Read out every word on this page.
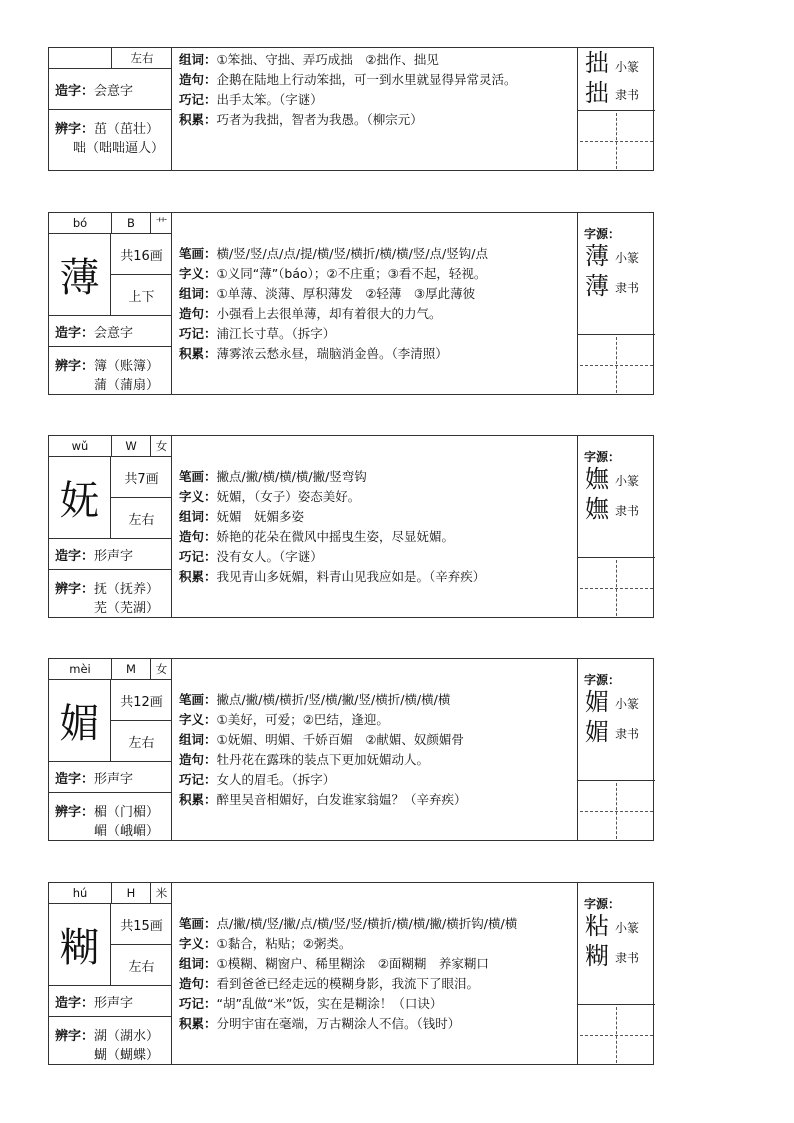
左右
造字： 会意字
辨字：茁（茁壮）
咄（咄咄逼人）
组词：①笨拙、守拙、弄巧成拙　②拙作、拙见
造句：企鹅在陆地上行动笨拙，可一到水里就显得异常灵活。
巧记：出手太笨。（字谜）
积累：巧者为我拙，智者为我愚。（柳宗元）
拙 小篆
拙 隶书
bó	B	艹
薄	共16画
上下
造字： 会意字
辨字：簿（账簿）
蒲（蒲扇）
笔画：横/竖/竖/点/点/提/横/竖/横折/横/横/竖/点/竖钩/点
字义：①义同“薄”（báo）；②不庄重；③看不起，轻视。
组词：①单薄、淡薄、厚积薄发　②轻薄　③厚此薄彼
造句：小强看上去很单薄，却有着很大的力气。
巧记：浦江长寸草。（拆字）
积累：薄雾浓云愁永昼，瑞脑消金兽。（李清照）
字源：
薄 小篆
薄 隶书
wǔ	W	女
妩	共7画
左右
造字： 形声字
辨字：抚（抚养）
芜（芜湖）
笔画：撇点/撇/横/横/横/撇/竖弯钩
字义：妩媚，（女子）姿态美好。
组词：妩媚　妩媚多姿
造句：娇艳的花朵在微风中摇曳生姿，尽显妩媚。
巧记：没有女人。（字谜）
积累：我见青山多妩媚，料青山见我应如是。（辛弃疾）
字源：
嫵 小篆
嫵 隶书
mèi	M	女
媚	共12画
左右
造字： 形声字
辨字：楣（门楣）
嵋（峨嵋）
笔画：撇点/撇/横/横折/竖/横/撇/竖/横折/横/横/横
字义：①美好，可爱；②巴结，逢迎。
组词：①妩媚、明媚、千娇百媚　②献媚、奴颜媚骨
造句：牡丹花在露珠的装点下更加妩媚动人。
巧记：女人的眉毛。（拆字）
积累：醉里吴音相媚好，白发谁家翁媪？（辛弃疾）
字源：
媚 小篆
媚 隶书
hú	H	米
糊	共15画
左右
造字： 形声字
辨字：湖（湖水）
蝴（蝴蝶）
笔画：点/撇/横/竖/撇/点/横/竖/竖/横折/横/横/撇/横折钩/横/横
字义：①黏合，粘贴；②粥类。
组词：①模糊、糊窗户、稀里糊涂　②面糊糊　养家糊口
造句：看到爸爸已经走远的模糊身影，我流下了眼泪。
巧记：“胡”乱做“米”饭，实在是糊涂！（口诀）
积累：分明宇宙在毫端，万古糊涂人不信。（钱时）
字源：
粘 小篆
糊 隶书
